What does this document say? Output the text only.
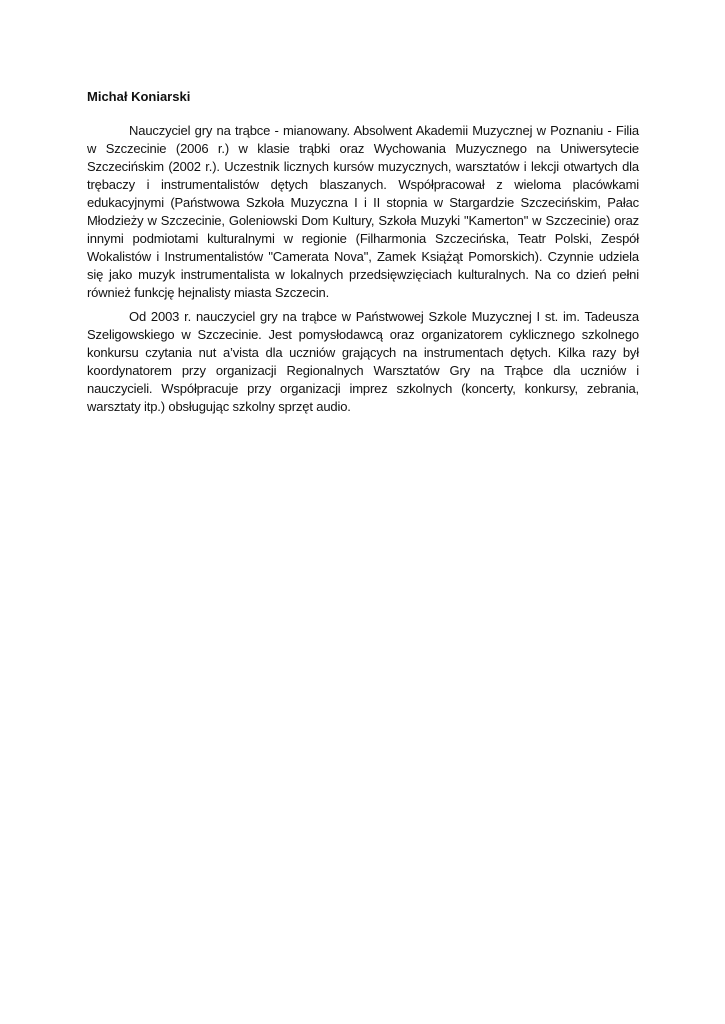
Michał Koniarski

Nauczyciel gry na trąbce - mianowany. Absolwent Akademii Muzycznej w Poznaniu - Filia w Szczecinie (2006 r.) w klasie trąbki oraz Wychowania Muzycznego na Uniwersytecie Szczecińskim (2002 r.). Uczestnik licznych kursów muzycznych, warsztatów i lekcji otwartych dla trębaczy i instrumentalistów dętych blaszanych. Współpracował z wieloma placówkami edukacyjnymi (Państwowa Szkoła Muzyczna I i II stopnia w Stargardzie Szczecińskim, Pałac Młodzieży w Szczecinie, Goleniowski Dom Kultury, Szkoła Muzyki "Kamerton" w Szczecinie) oraz innymi podmiotami kulturalnymi w regionie (Filharmonia Szczecińska, Teatr Polski, Zespół Wokalistów i Instrumentalistów "Camerata Nova", Zamek Książąt Pomorskich). Czynnie udziela się jako muzyk instrumentalista w lokalnych przedsięwzięciach kulturalnych. Na co dzień pełni również funkcję hejnalisty miasta Szczecin.

Od 2003 r. nauczyciel gry na trąbce w Państwowej Szkole Muzycznej I st. im. Tadeusza Szeligowskiego w Szczecinie. Jest pomysłodawcą oraz organizatorem cyklicznego szkolnego konkursu czytania nut a’vista dla uczniów grających na instrumentach dętych. Kilka razy był koordynatorem przy organizacji Regionalnych Warsztatów Gry na Trąbce dla uczniów i nauczycieli. Współpracuje przy organizacji imprez szkolnych (koncerty, konkursy, zebrania, warsztaty itp.) obsługując szkolny sprzęt audio.
